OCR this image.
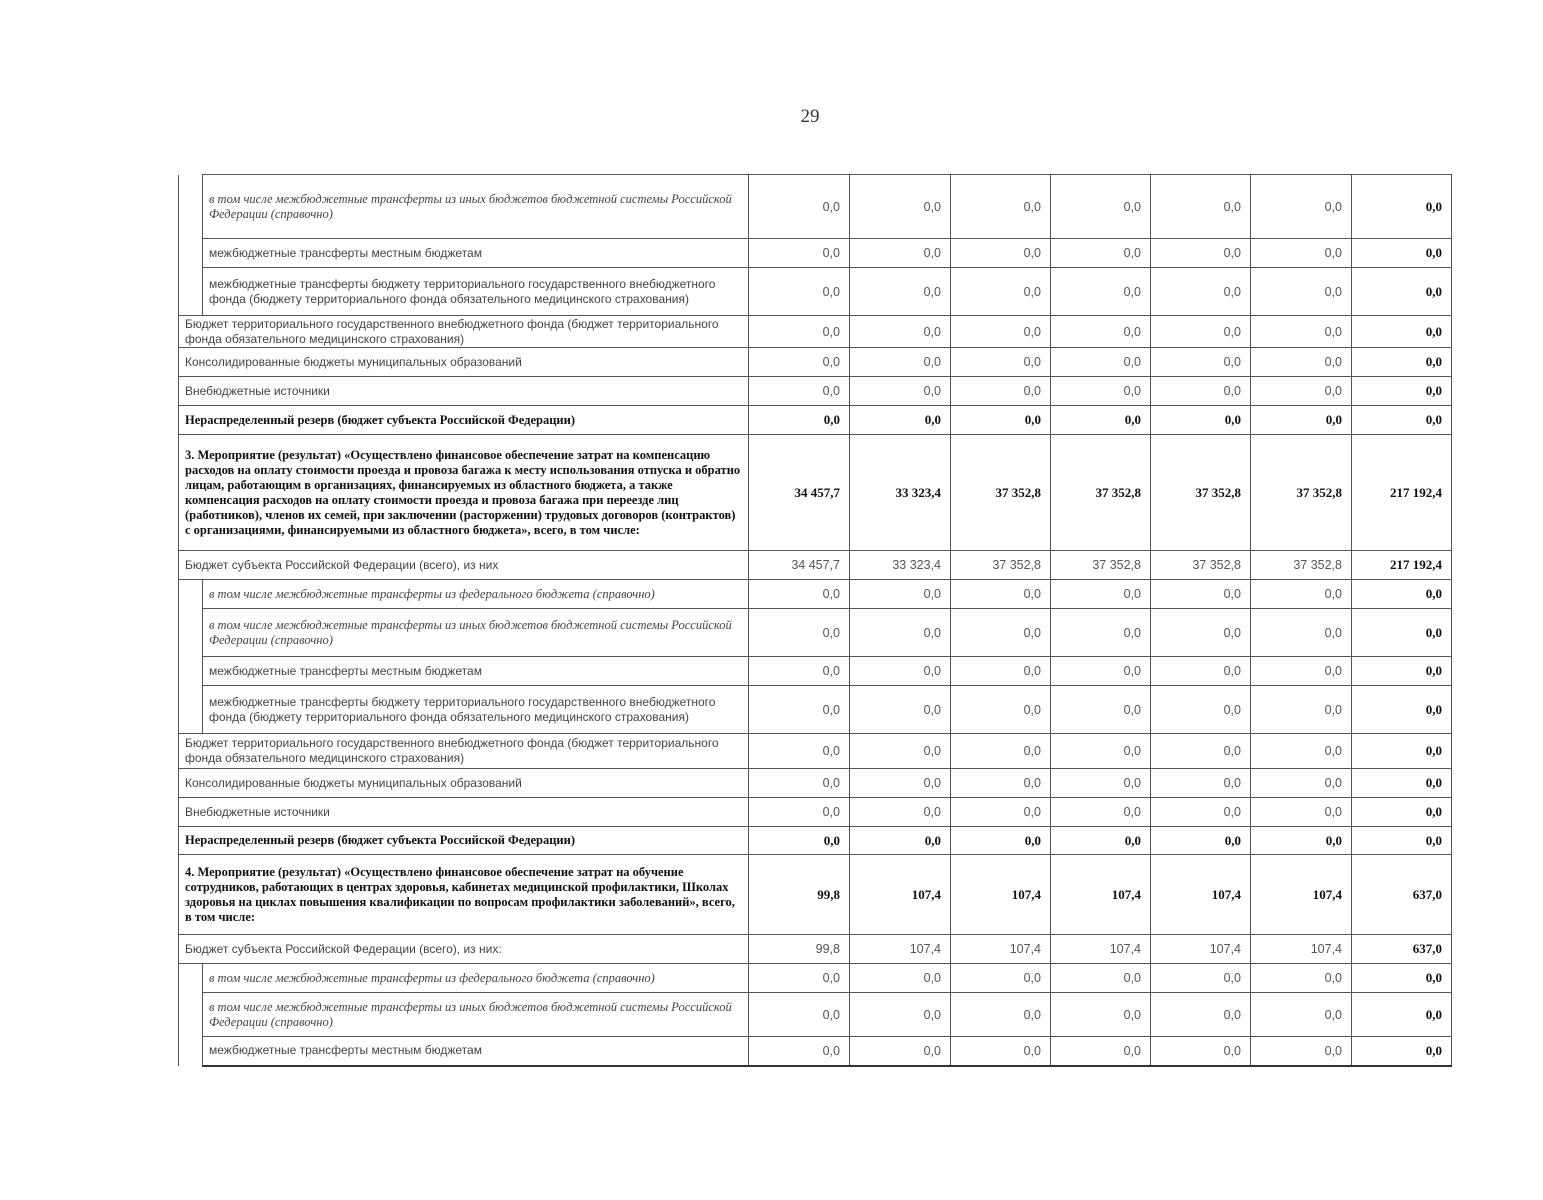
29
	в том числе межбюджетные трансферты из иных бюджетов бюджетной системы Российской Федерации (справочно)	0,0	0,0	0,0	0,0	0,0	0,0	0,0
	межбюджетные трансферты местным бюджетам	0,0	0,0	0,0	0,0	0,0	0,0	0,0
	межбюджетные трансферты бюджету территориального государственного внебюджетного фонда (бюджету территориального фонда обязательного медицинского страхования)	0,0	0,0	0,0	0,0	0,0	0,0	0,0
Бюджет территориального государственного внебюджетного фонда (бюджет территориального фонда обязательного медицинского страхования)		0,0	0,0	0,0	0,0	0,0	0,0	0,0
Консолидированные бюджеты муниципальных образований		0,0	0,0	0,0	0,0	0,0	0,0	0,0
Внебюджетные источники		0,0	0,0	0,0	0,0	0,0	0,0	0,0
Нераспределенный резерв (бюджет субъекта Российской Федерации)		0,0	0,0	0,0	0,0	0,0	0,0	0,0
3. Мероприятие (результат) «Осуществлено финансовое обеспечение затрат на компенсацию расходов на оплату стоимости проезда и провоза багажа к месту использования отпуска и обратно лицам, работающим в организациях, финансируемых из областного бюджета, а также компенсация расходов на оплату стоимости проезда и провоза багажа при переезде лиц (работников), членов их семей, при заключении (расторжении) трудовых договоров (контрактов) с организациями, финансируемыми из областного бюджета», всего, в том числе:		34 457,7	33 323,4	37 352,8	37 352,8	37 352,8	37 352,8	217 192,4
Бюджет субъекта Российской Федерации (всего), из них		34 457,7	33 323,4	37 352,8	37 352,8	37 352,8	37 352,8	217 192,4
	в том числе межбюджетные трансферты из федерального бюджета (справочно)	0,0	0,0	0,0	0,0	0,0	0,0	0,0
	в том числе межбюджетные трансферты из иных бюджетов бюджетной системы Российской Федерации (справочно)	0,0	0,0	0,0	0,0	0,0	0,0	0,0
	межбюджетные трансферты местным бюджетам	0,0	0,0	0,0	0,0	0,0	0,0	0,0
	межбюджетные трансферты бюджету территориального государственного внебюджетного фонда (бюджету территориального фонда обязательного медицинского страхования)	0,0	0,0	0,0	0,0	0,0	0,0	0,0
Бюджет территориального государственного внебюджетного фонда (бюджет территориального фонда обязательного медицинского страхования)		0,0	0,0	0,0	0,0	0,0	0,0	0,0
Консолидированные бюджеты муниципальных образований		0,0	0,0	0,0	0,0	0,0	0,0	0,0
Внебюджетные источники		0,0	0,0	0,0	0,0	0,0	0,0	0,0
Нераспределенный резерв (бюджет субъекта Российской Федерации)		0,0	0,0	0,0	0,0	0,0	0,0	0,0
4. Мероприятие (результат) «Осуществлено финансовое обеспечение затрат на обучение сотрудников, работающих в центрах здоровья, кабинетах медицинской профилактики, Школах здоровья на циклах повышения квалификации по вопросам профилактики заболеваний», всего, в том числе:		99,8	107,4	107,4	107,4	107,4	107,4	637,0
Бюджет субъекта Российской Федерации (всего), из них:		99,8	107,4	107,4	107,4	107,4	107,4	637,0
	в том числе межбюджетные трансферты из федерального бюджета (справочно)	0,0	0,0	0,0	0,0	0,0	0,0	0,0
	в том числе межбюджетные трансферты из иных бюджетов бюджетной системы Российской Федерации (справочно)	0,0	0,0	0,0	0,0	0,0	0,0	0,0
	межбюджетные трансферты местным бюджетам	0,0	0,0	0,0	0,0	0,0	0,0	0,0
